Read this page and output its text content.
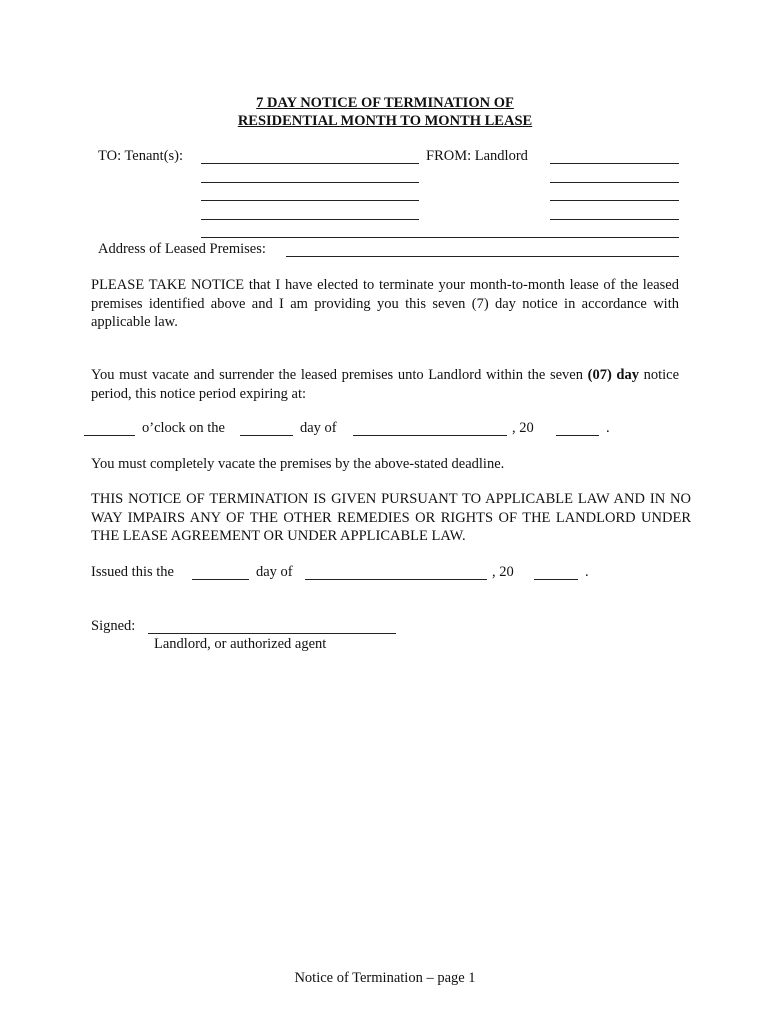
7 DAY NOTICE OF TERMINATION OF
RESIDENTIAL MONTH TO MONTH LEASE
TO: Tenant(s):	FROM: Landlord
Address of Leased Premises:
PLEASE TAKE NOTICE that I have elected to terminate your month-to-month lease of the leased premises identified above and I am providing you this seven (7) day notice in accordance with applicable law.
You must vacate and surrender the leased premises unto Landlord within the seven (07) day notice period, this notice period expiring at:
o’clock on the	day of	, 20	.
You must completely vacate the premises by the above-stated deadline.
THIS NOTICE OF TERMINATION IS GIVEN PURSUANT TO APPLICABLE LAW AND IN NO WAY IMPAIRS ANY OF THE OTHER REMEDIES OR RIGHTS OF THE LANDLORD UNDER THE LEASE AGREEMENT OR UNDER APPLICABLE LAW.
Issued this the	day of	, 20	.
Signed:
Landlord, or authorized agent
Notice of Termination – page 1
